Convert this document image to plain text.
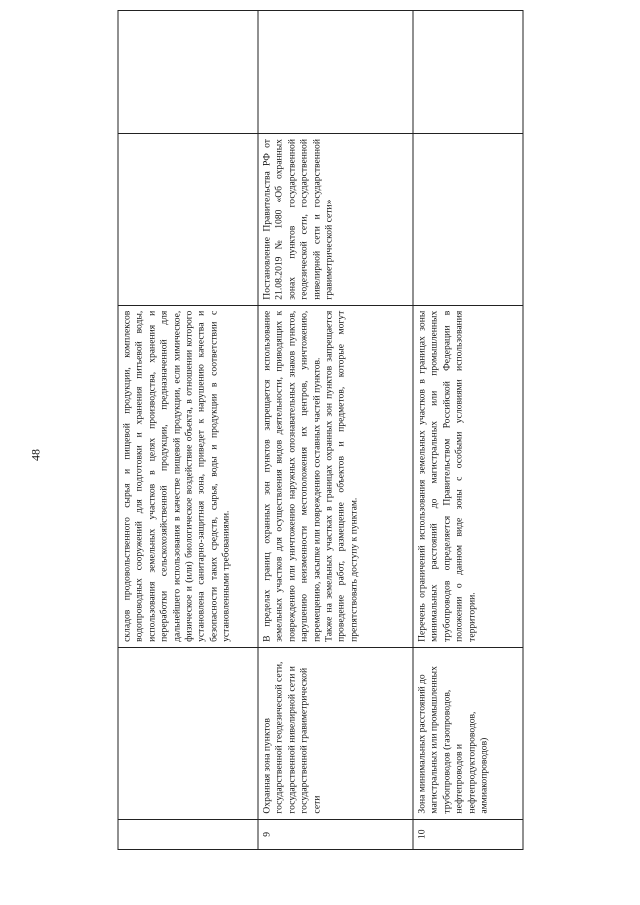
48

		складов продовольственного сырья и пищевой продукции, комплексов водопроводных сооружений для подготовки и хранения питьевой воды, использования земельных участков в целях производства, хранения и переработки сельскохозяйственной продукции, предназначенной для дальнейшего использования в качестве пищевой продукции, если химическое, физическое и (или) биологическое воздействие объекта, в отношении которого установлена санитарно-защитная зона, приведет к нарушению качества и безопасности таких средств, сырья, воды и продукции в соответствии с установленными требованиями.		

9	Охранная зона пунктов государственной геодезической сети, государственной нивелирной сети и государственной гравиметрической сети	В пределах границ охранных зон пунктов запрещается использование земельных участков для осуществления видов деятельности, приводящих к повреждению или уничтожению наружных опознавательных знаков пунктов, нарушению неизменности местоположения их центров, уничтожению, перемещению, засыпке или повреждению составных частей пунктов. Также на земельных участках в границах охранных зон пунктов запрещается проведение работ, размещение объектов и предметов, которые могут препятствовать доступу к пунктам.	Постановление Правительства РФ от 21.08.2019 № 1080 «Об охранных зонах пунктов государственной геодезической сети, государственной нивелирной сети и государственной гравиметрической сети»	
10	Зона минимальных расстояний до магистральных или промышленных трубопроводов (газопроводов, нефтепроводов и нефтепродуктопроводов, аммиакопроводов)	Перечень ограничений использования земельных участков в границах зоны минимальных расстояний до магистральных или промышленных трубопроводов определяется Правительством Российской Федерации в положении о данном виде зоны с особыми условиями использования территории.		
